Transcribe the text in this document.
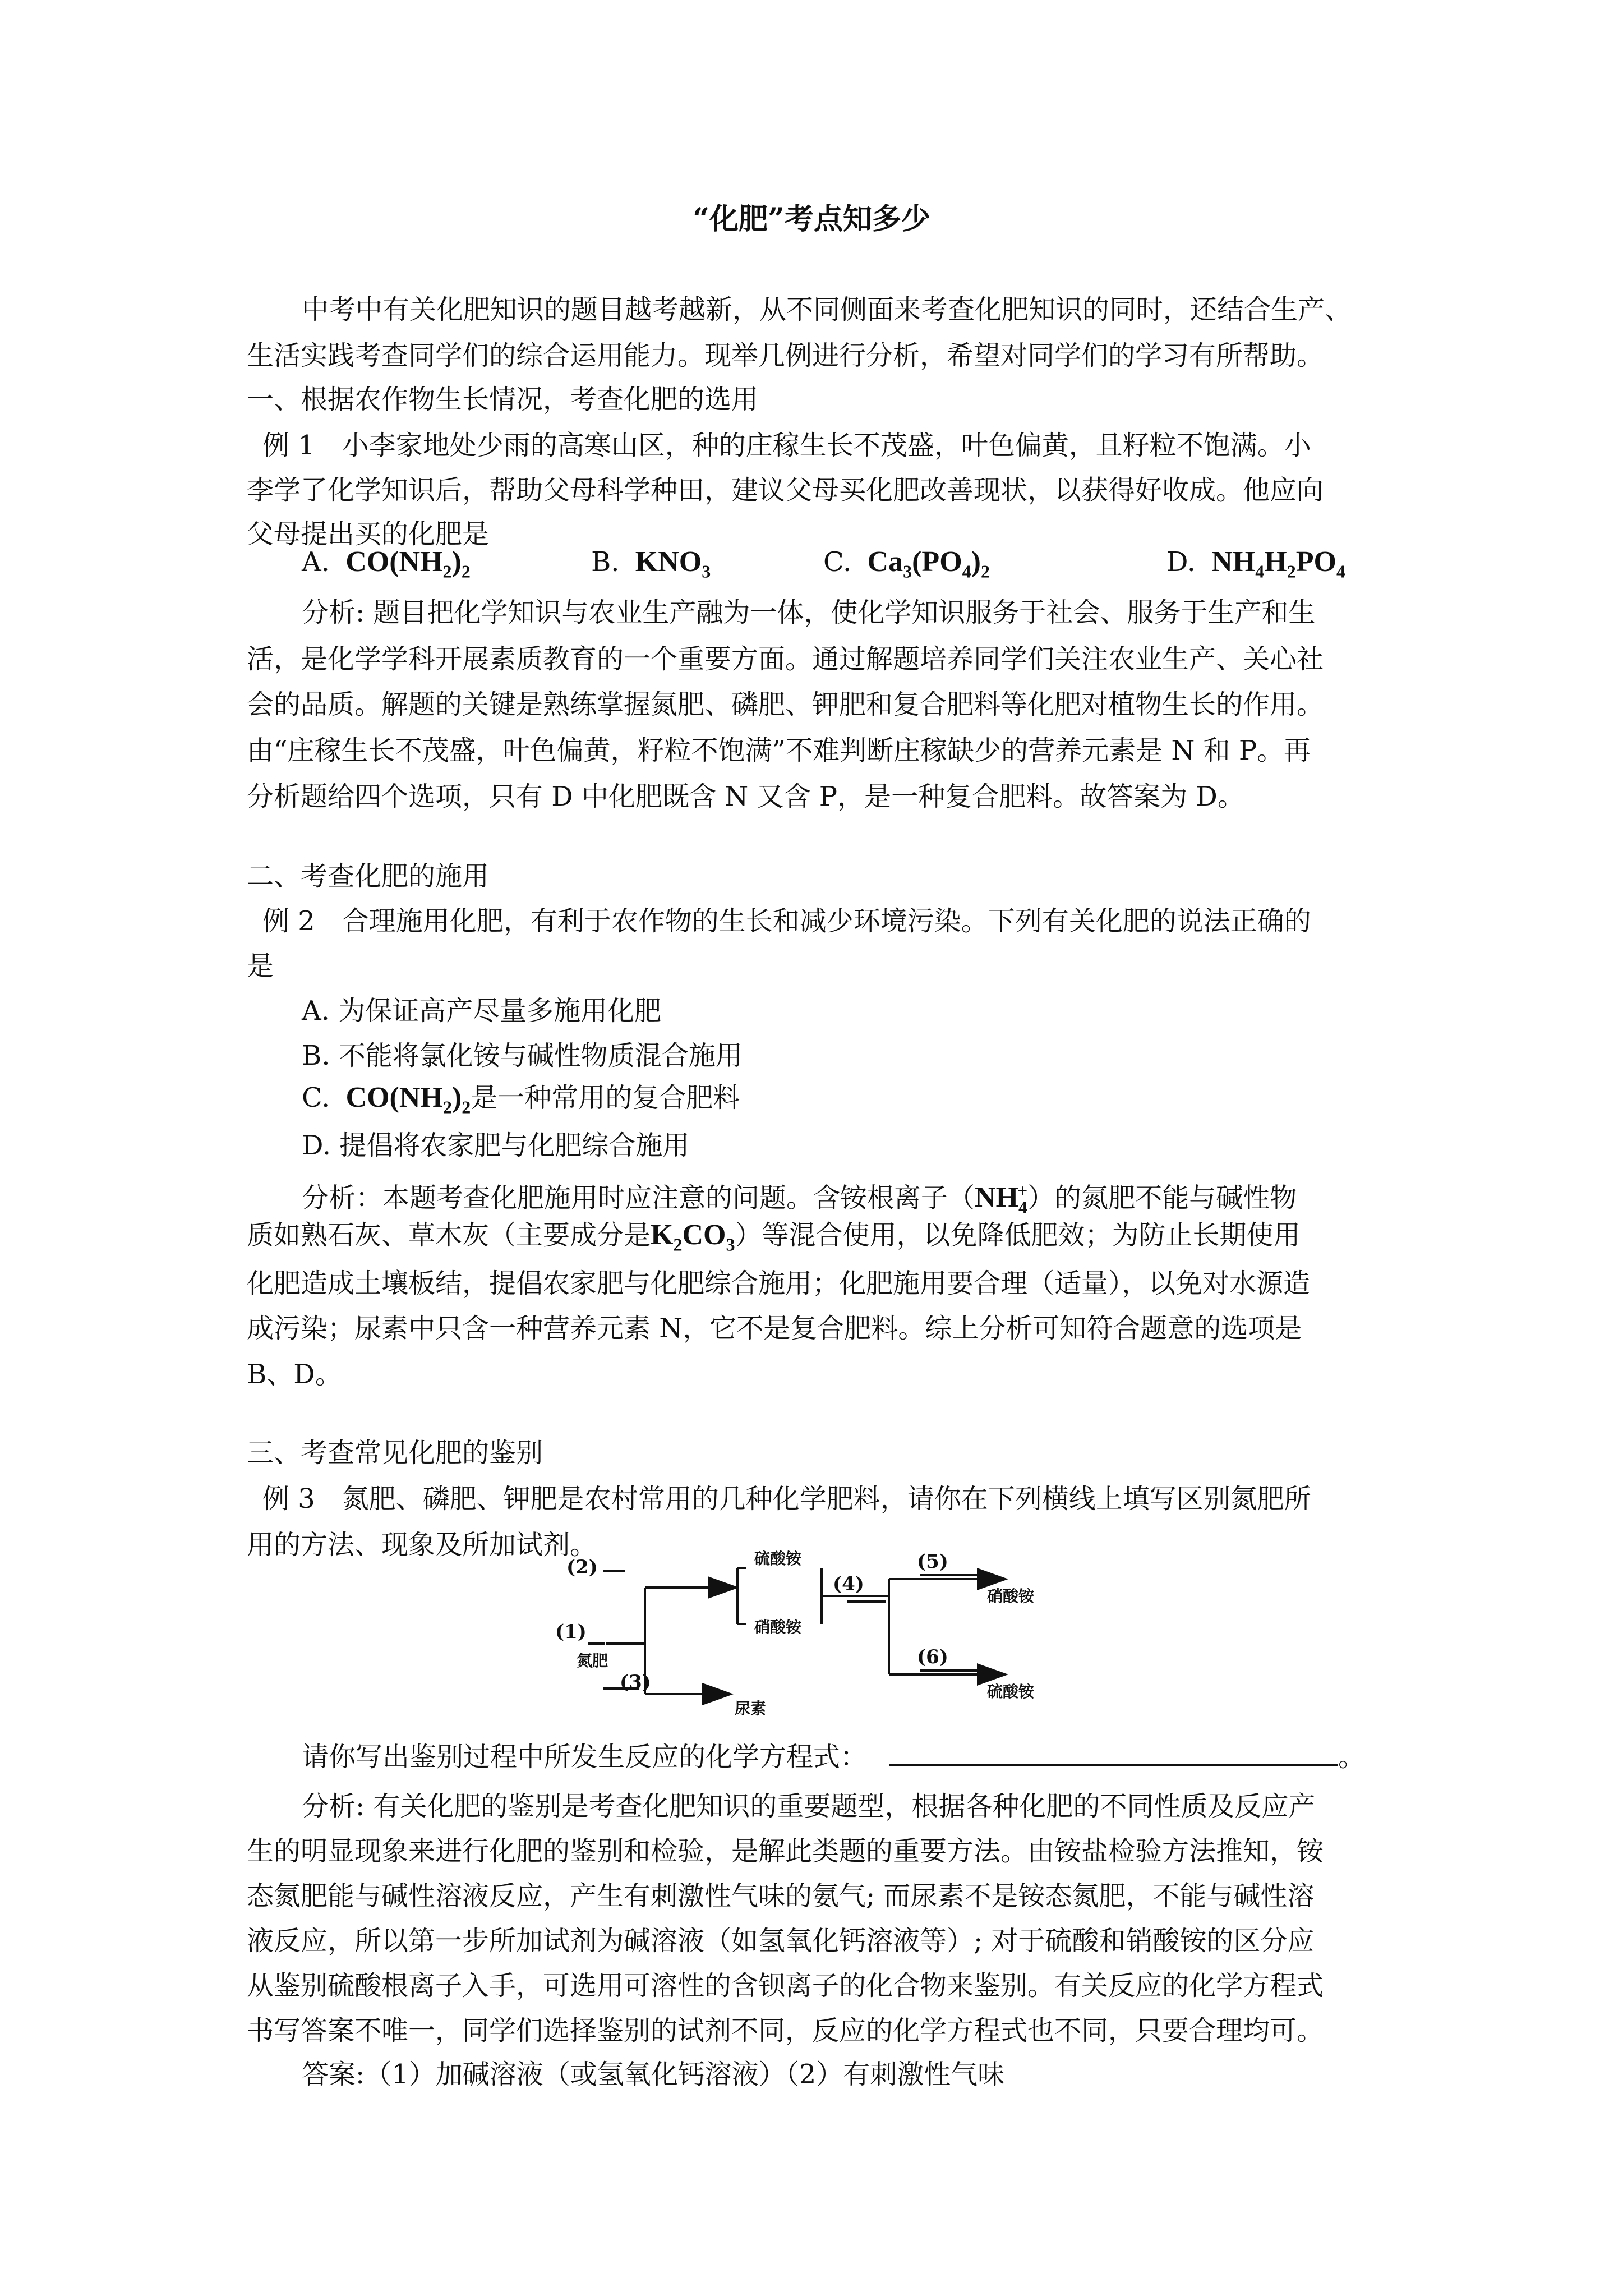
“化肥”考点知多少
中考中有关化肥知识的题目越考越新，从不同侧面来考查化肥知识的同时，还结合生产、
生活实践考查同学们的综合运用能力。现举几例进行分析，希望对同学们的学习有所帮助。
一、根据农作物生长情况，考查化肥的选用
例 1　小李家地处少雨的高寒山区，种的庄稼生长不茂盛，叶色偏黄，且籽粒不饱满。小
李学了化学知识后，帮助父母科学种田，建议父母买化肥改善现状，以获得好收成。他应向
父母提出买的化肥是
A.  $CO(NH_2)_2$	B.  $KNO_3$	C.  $Ca_3(PO_4)_2$	D.  $NH_4H_2PO_4$
分析: 题目把化学知识与农业生产融为一体，使化学知识服务于社会、服务于生产和生
活，是化学学科开展素质教育的一个重要方面。通过解题培养同学们关注农业生产、关心社
会的品质。解题的关键是熟练掌握氮肥、磷肥、钾肥和复合肥料等化肥对植物生长的作用。
由“庄稼生长不茂盛，叶色偏黄，籽粒不饱满”不难判断庄稼缺少的营养元素是 N 和 P。再
分析题给四个选项，只有 D 中化肥既含 N 又含 P，是一种复合肥料。故答案为 D。
二、考查化肥的施用
例 2　合理施用化肥，有利于农作物的生长和减少环境污染。下列有关化肥的说法正确的
是
A. 为保证高产尽量多施用化肥
B. 不能将氯化铵与碱性物质混合施用
C.  $CO(NH_2)_2$是一种常用的复合肥料
D. 提倡将农家肥与化肥综合施用
分析：本题考查化肥施用时应注意的问题。含铵根离子$(NH_4^+)$的氮肥不能与碱性物
质如熟石灰、草木灰（主要成分是$K_2CO_3$）等混合使用，以免降低肥效；为防止长期使用
化肥造成土壤板结，提倡农家肥与化肥综合施用；化肥施用要合理（适量），以免对水源造
成污染；尿素中只含一种营养元素 N，它不是复合肥料。综上分析可知符合题意的选项是
B、D。
三、考查常见化肥的鉴别
例 3　氮肥、磷肥、钾肥是农村常用的几种化学肥料，请你在下列横线上填写区别氮肥所
用的方法、现象及所加试剂。
(2)
(1)
氮肥
(3)
尿素
硫酸铵
硝酸铵
(4)
(5)
硝酸铵
(6)
硫酸铵
请你写出鉴别过程中所发生反应的化学方程式：	。
分析: 有关化肥的鉴别是考查化肥知识的重要题型，根据各种化肥的不同性质及反应产
生的明显现象来进行化肥的鉴别和检验，是解此类题的重要方法。由铵盐检验方法推知，铵
态氮肥能与碱性溶液反应，产生有刺激性气味的氨气; 而尿素不是铵态氮肥，不能与碱性溶
液反应，所以第一步所加试剂为碱溶液（如氢氧化钙溶液等）; 对于硫酸和销酸铵的区分应
从鉴别硫酸根离子入手，可选用可溶性的含钡离子的化合物来鉴别。有关反应的化学方程式
书写答案不唯一，同学们选择鉴别的试剂不同，反应的化学方程式也不同，只要合理均可。
答案:（1）加碱溶液（或氢氧化钙溶液）（2）有刺激性气味
